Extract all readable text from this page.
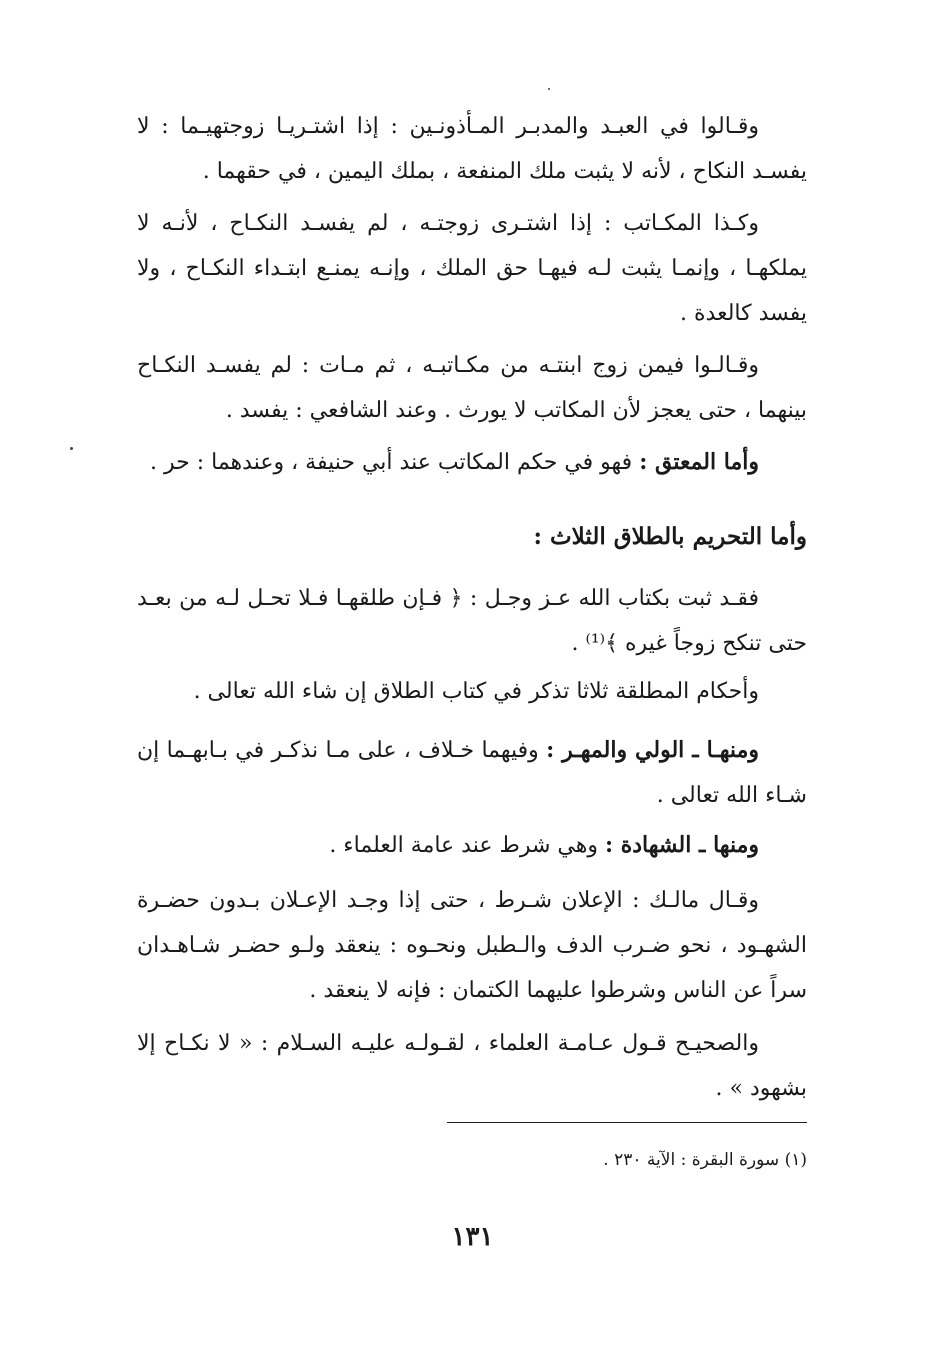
وقـالوا في العبـد والمدبـر المـأذونـين : إذا اشتـريـا زوجتهيـما : لا يفسـد النكاح ، لأنه لا يثبت ملك المنفعة ، بملك اليمين ، في حقهما .
وكـذا المكـاتب : إذا اشتـرى زوجتـه ، لم يفسـد النكـاح ، لأنـه لا يملكهـا ، وإنمـا يثبت لـه فيهـا حق الملك ، وإنـه يمنـع ابتـداء النكـاح ، ولا يفسد كالعدة .
وقـالـوا فيمن زوج ابنتـه من مكـاتبـه ، ثم مـات : لم يفسـد النكـاح بينهما ، حتى يعجز لأن المكاتب لا يورث . وعند الشافعي : يفسد .
وأما المعتق : فهو في حكم المكاتب عند أبي حنيفة ، وعندهما : حر .
وأما التحريم بالطلاق الثلاث :
فقـد ثبت بكتاب الله عـز وجـل : ﴿ فـإن طلقهـا فـلا تحـل لـه من بعـد حتى تنكح زوجاً غيره ﴾⁽¹⁾ .
وأحكام المطلقة ثلاثا تذكر في كتاب الطلاق إن شاء الله تعالى .
ومنهـا ـ الولي والمهـر : وفيهما خـلاف ، على مـا نذكـر في بـابهـما إن شـاء الله تعالى .
ومنها ـ الشهادة : وهي شرط عند عامة العلماء .
وقـال مالـك : الإعلان شـرط ، حتى إذا وجـد الإعـلان بـدون حضـرة الشهـود ، نحو ضـرب الدف والـطبل ونحـوه : ينعقد ولـو حضـر شـاهـدان سراً عن الناس وشرطوا عليهما الكتمان : فإنه لا ينعقد .
والصحيـح قـول عـامـة العلماء ، لقـولـه عليـه السـلام : « لا نكـاح إلا بشهود » .
(١) سورة البقرة : الآية ٢٣٠ .
١٣١
